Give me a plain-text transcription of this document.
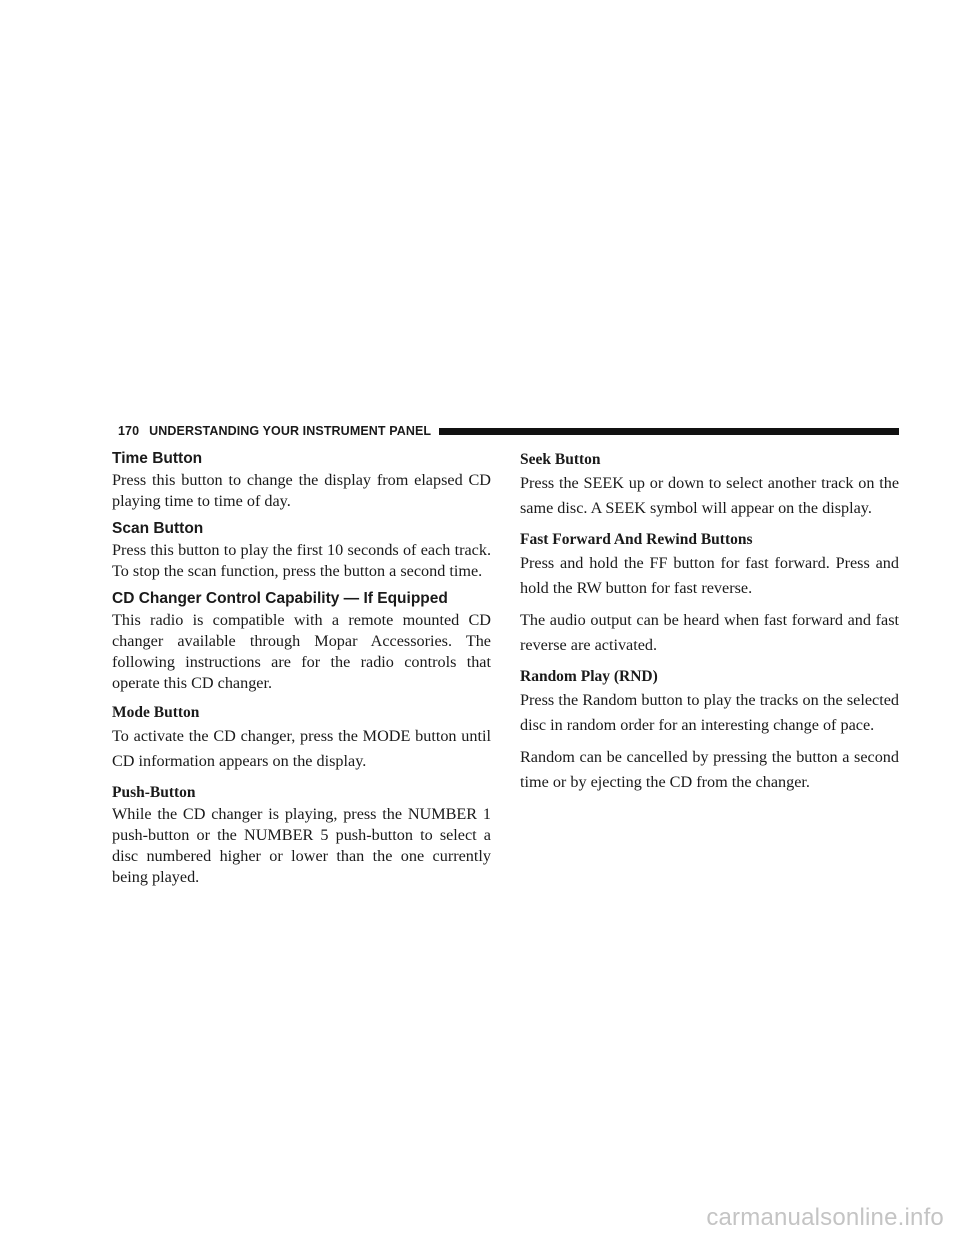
170 UNDERSTANDING YOUR INSTRUMENT PANEL
Time Button

Press this button to change the display from elapsed CD playing time to time of day.

Scan Button

Press this button to play the first 10 seconds of each track. To stop the scan function, press the button a second time.

CD Changer Control Capability — If Equipped

This radio is compatible with a remote mounted CD changer available through Mopar Accessories. The following instructions are for the radio controls that operate this CD changer.

Mode Button

To activate the CD changer, press the MODE button until CD information appears on the display.

Push-Button

While the CD changer is playing, press the NUMBER 1 push-button or the NUMBER 5 push-button to select a disc numbered higher or lower than the one currently being played.

Seek Button

Press the SEEK up or down to select another track on the same disc. A SEEK symbol will appear on the display.

Fast Forward And Rewind Buttons

Press and hold the FF button for fast forward. Press and hold the RW button for fast reverse.

The audio output can be heard when fast forward and fast reverse are activated.

Random Play (RND)

Press the Random button to play the tracks on the selected disc in random order for an interesting change of pace.

Random can be cancelled by pressing the button a second time or by ejecting the CD from the changer.

carmanualsonline.info
